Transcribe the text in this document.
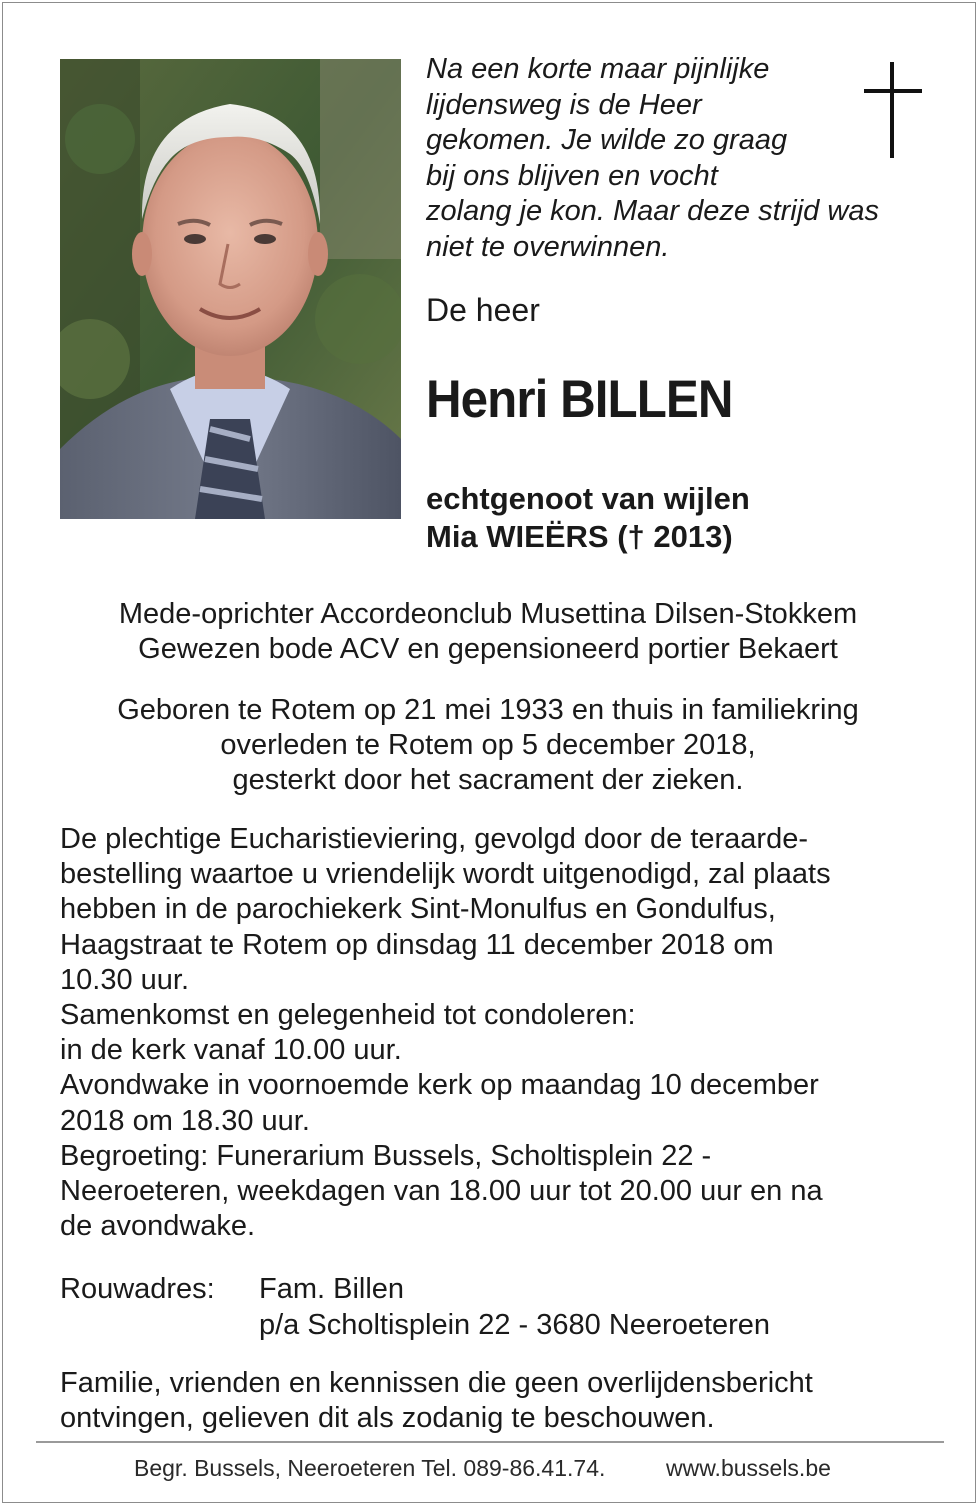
Na een korte maar pijnlijke
lijdensweg is de Heer
gekomen. Je wilde zo graag
bij ons blijven en vocht
zolang je kon. Maar deze strijd was
niet te overwinnen.
De heer
Henri BILLEN
echtgenoot van wijlen
Mia WIEËRS († 2013)
Mede-oprichter Accordeonclub Musettina Dilsen-Stokkem
Gewezen bode ACV en gepensioneerd portier Bekaert
Geboren te Rotem op 21 mei 1933 en thuis in familiekring
overleden te Rotem op 5 december 2018,
gesterkt door het sacrament der zieken.
De plechtige Eucharistieviering, gevolgd door de teraarde-
bestelling waartoe u vriendelijk wordt uitgenodigd, zal plaats
hebben in de parochiekerk Sint-Monulfus en Gondulfus,
Haagstraat te Rotem op dinsdag 11 december 2018 om
10.30 uur.
Samenkomst en gelegenheid tot condoleren:
in de kerk vanaf 10.00 uur.
Avondwake in voornoemde kerk op maandag 10 december
2018 om 18.30 uur.
Begroeting: Funerarium Bussels, Scholtisplein 22 -
Neeroeteren, weekdagen van 18.00 uur tot 20.00 uur en na
de avondwake.
Rouwadres:	Fam. Billen
p/a Scholtisplein 22 - 3680 Neeroeteren
Familie, vrienden en kennissen die geen overlijdensbericht
ontvingen, gelieven dit als zodanig te beschouwen.
Begr. Bussels, Neeroeteren Tel. 089-86.41.74.	www.bussels.be
